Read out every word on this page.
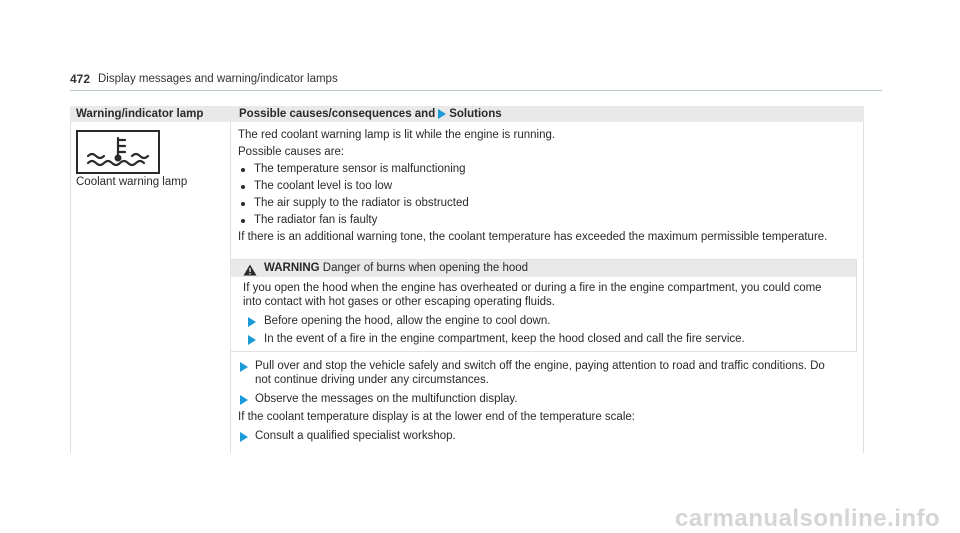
472 Display messages and warning/indicator lamps
Warning/indicator lamp	Possible causes/consequences and Solutions
Coolant warning lamp
The red coolant warning lamp is lit while the engine is running.
Possible causes are:
The temperature sensor is malfunctioning
The coolant level is too low
The air supply to the radiator is obstructed
The radiator fan is faulty
If there is an additional warning tone, the coolant temperature has exceeded the maximum permissible temperature.
WARNING Danger of burns when opening the hood
If you open the hood when the engine has overheated or during a fire in the engine compartment, you could come
into contact with hot gases or other escaping operating fluids.
Before opening the hood, allow the engine to cool down.
In the event of a fire in the engine compartment, keep the hood closed and call the fire service.
Pull over and stop the vehicle safely and switch off the engine, paying attention to road and traffic conditions. Do
not continue driving under any circumstances.
Observe the messages on the multifunction display.
If the coolant temperature display is at the lower end of the temperature scale:
Consult a qualified specialist workshop.
carmanualsonline.info
